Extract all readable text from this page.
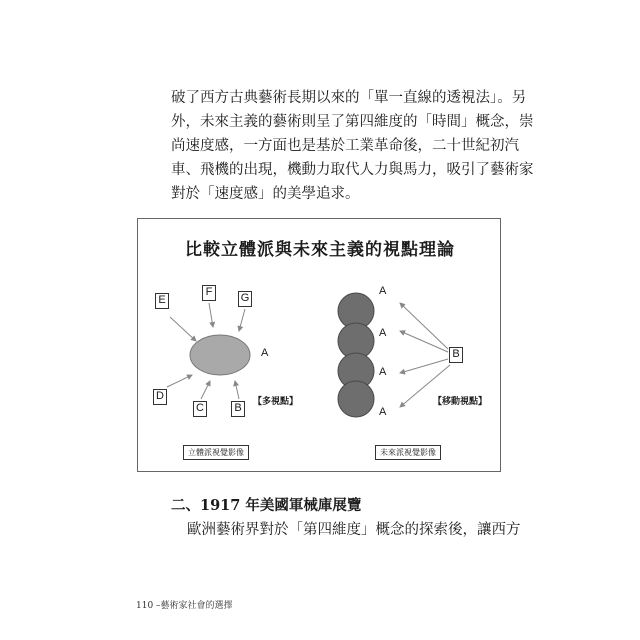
破了西方古典藝術長期以來的「單一直線的透視法」。另
外，未來主義的藝術則呈了第四維度的「時間」概念，崇
尚速度感，一方面也是基於工業革命後，二十世紀初汽
車、飛機的出現，機動力取代人力與馬力，吸引了藝術家
對於「速度感」的美學追求。
比較立體派與未來主義的視點理論
E
F	G
A
D
C	B	【多視點】
立體派視覺影像
A
A
A
A
B
【移動視點】
未來派視覺影像
二、1917 年美國軍械庫展覽
歐洲藝術界對於「第四維度」概念的探索後，讓西方
110 –藝術家社會的選擇
